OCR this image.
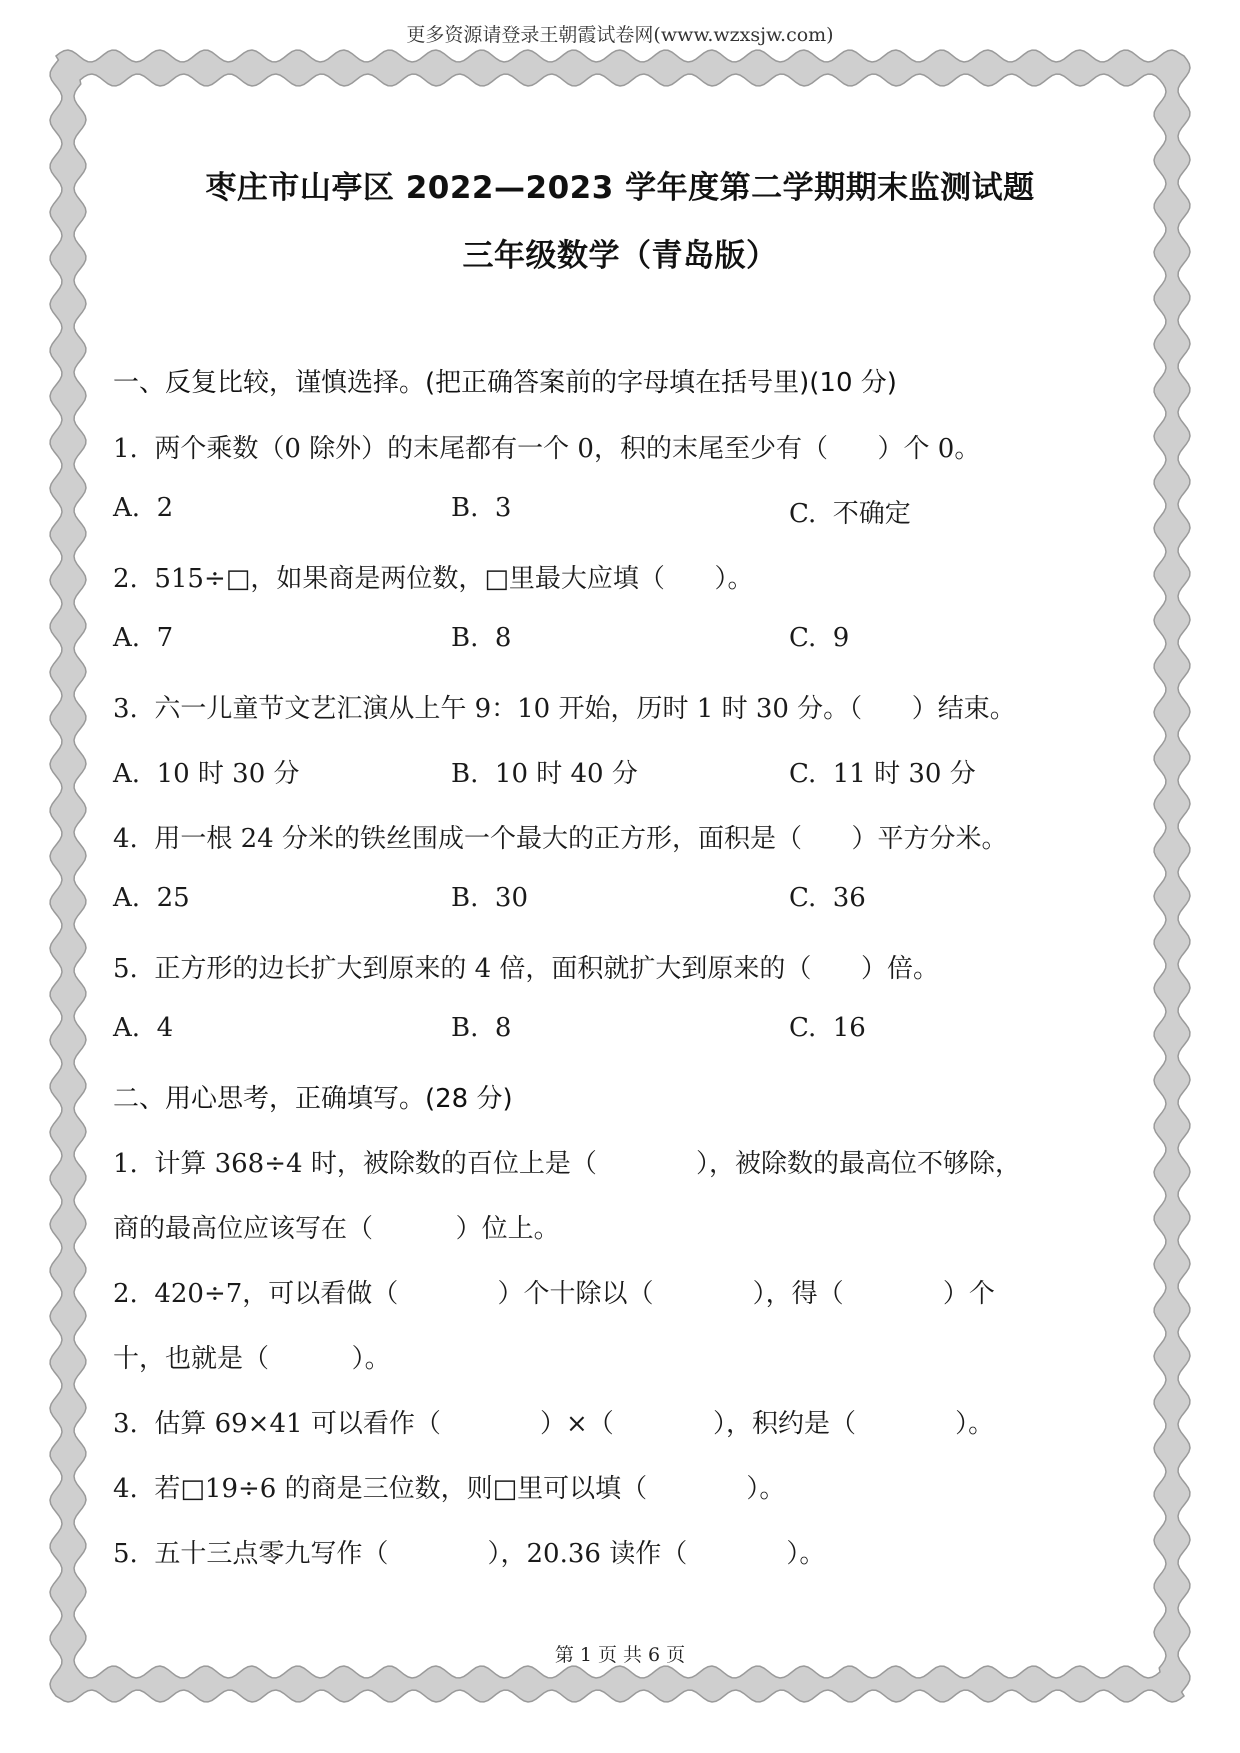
更多资源请登录王朝霞试卷网(www.wzxsjw.com)
枣庄市山亭区 2022—2023 学年度第二学期期末监测试题
三年级数学（青岛版）
一、反复比较，谨慎选择。(把正确答案前的字母填在括号里)(10 分)
1.  两个乘数（0 除外）的末尾都有一个 0，积的末尾至少有（      ）个 0。
A.  2	B.  3	C.  不确定
2.  515÷□，如果商是两位数，□里最大应填（      ）。
A.  7	B.  8	C.  9
3.  六一儿童节文艺汇演从上午 9：10 开始，历时 1 时 30 分。（      ）结束。
A.  10 时 30 分	B.  10 时 40 分	C.  11 时 30 分
4.  用一根 24 分米的铁丝围成一个最大的正方形，面积是（      ）平方分米。
A.  25	B.  30	C.  36
5.  正方形的边长扩大到原来的 4 倍，面积就扩大到原来的（      ）倍。
A.  4	B.  8	C.  16
二、用心思考，正确填写。(28 分)
1.  计算 368÷4 时，被除数的百位上是（            ），被除数的最高位不够除，
商的最高位应该写在（          ）位上。
2.  420÷7，可以看做（            ）个十除以（            ），得（            ）个
十，也就是（          ）。
3.  估算 69×41 可以看作（            ）×（            ），积约是（            ）。
4.  若□19÷6 的商是三位数，则□里可以填（            ）。
5.  五十三点零九写作（            ），20.36 读作（            ）。
第 1 页 共 6 页
